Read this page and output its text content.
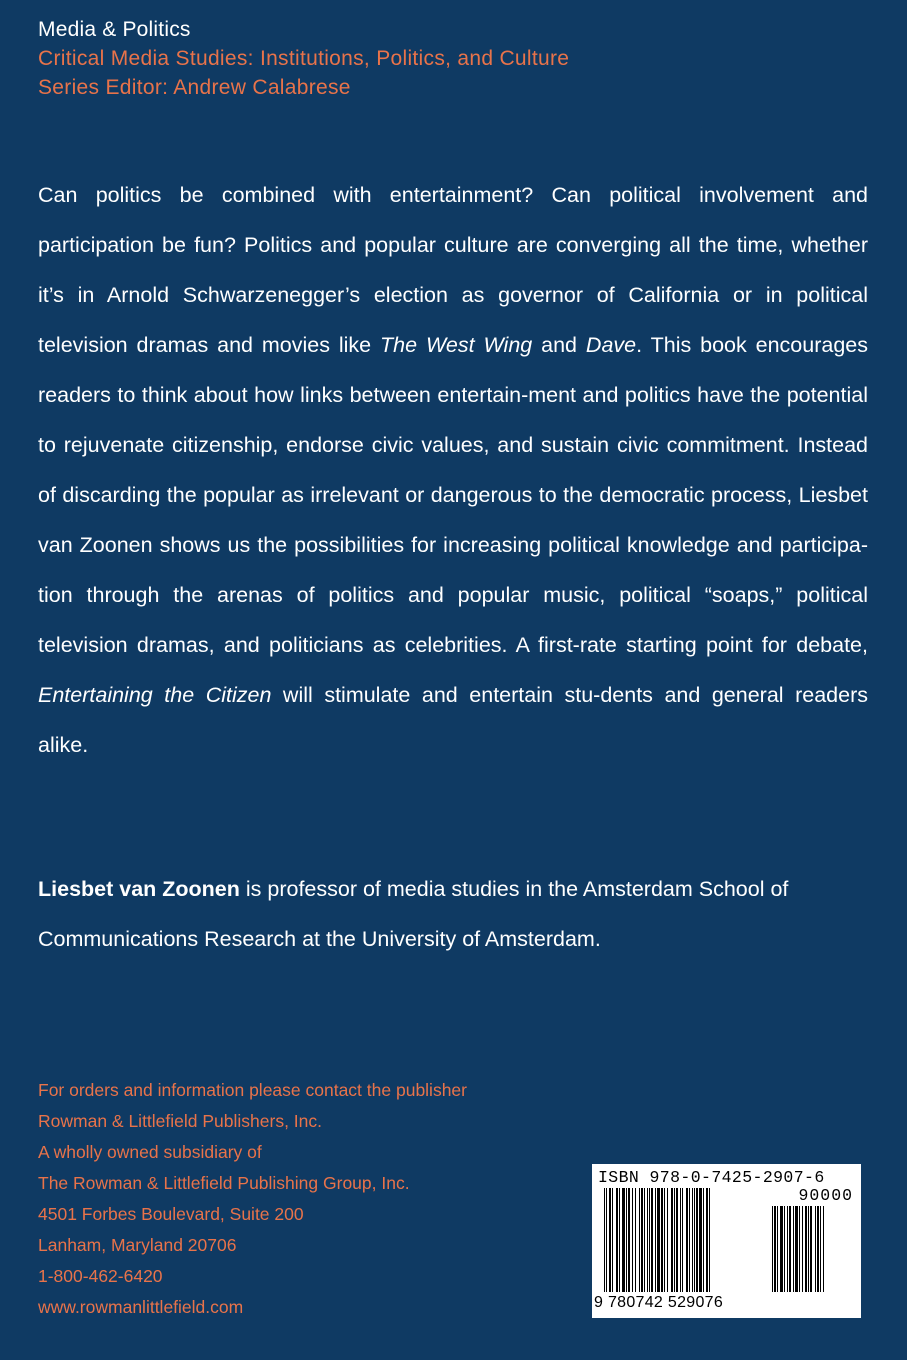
Media & Politics
Critical Media Studies: Institutions, Politics, and Culture
Series Editor: Andrew Calabrese

Can politics be combined with entertainment? Can political involvement and participation be fun? Politics and popular culture are converging all the time, whether it’s in Arnold Schwarzenegger’s election as governor of California or in political television dramas and movies like The West Wing and Dave. This book encourages readers to think about how links between entertain-ment and politics have the potential to rejuvenate citizenship, endorse civic values, and sustain civic commitment. Instead of discarding the popular as irrelevant or dangerous to the democratic process, Liesbet van Zoonen shows us the possibilities for increasing political knowledge and participa-tion through the arenas of politics and popular music, political “soaps,” political television dramas, and politicians as celebrities. A first-rate starting point for debate, Entertaining the Citizen will stimulate and entertain stu-dents and general readers alike.

Liesbet van Zoonen is professor of media studies in the Amsterdam School of Communications Research at the University of Amsterdam.

For orders and information please contact the publisher
Rowman & Littlefield Publishers, Inc.
A wholly owned subsidiary of
The Rowman & Littlefield Publishing Group, Inc.
4501 Forbes Boulevard, Suite 200
Lanham, Maryland 20706
1-800-462-6420
www.rowmanlittlefield.com
ISBN 978-0-7425-2907-6
90000
9 780742 529076
